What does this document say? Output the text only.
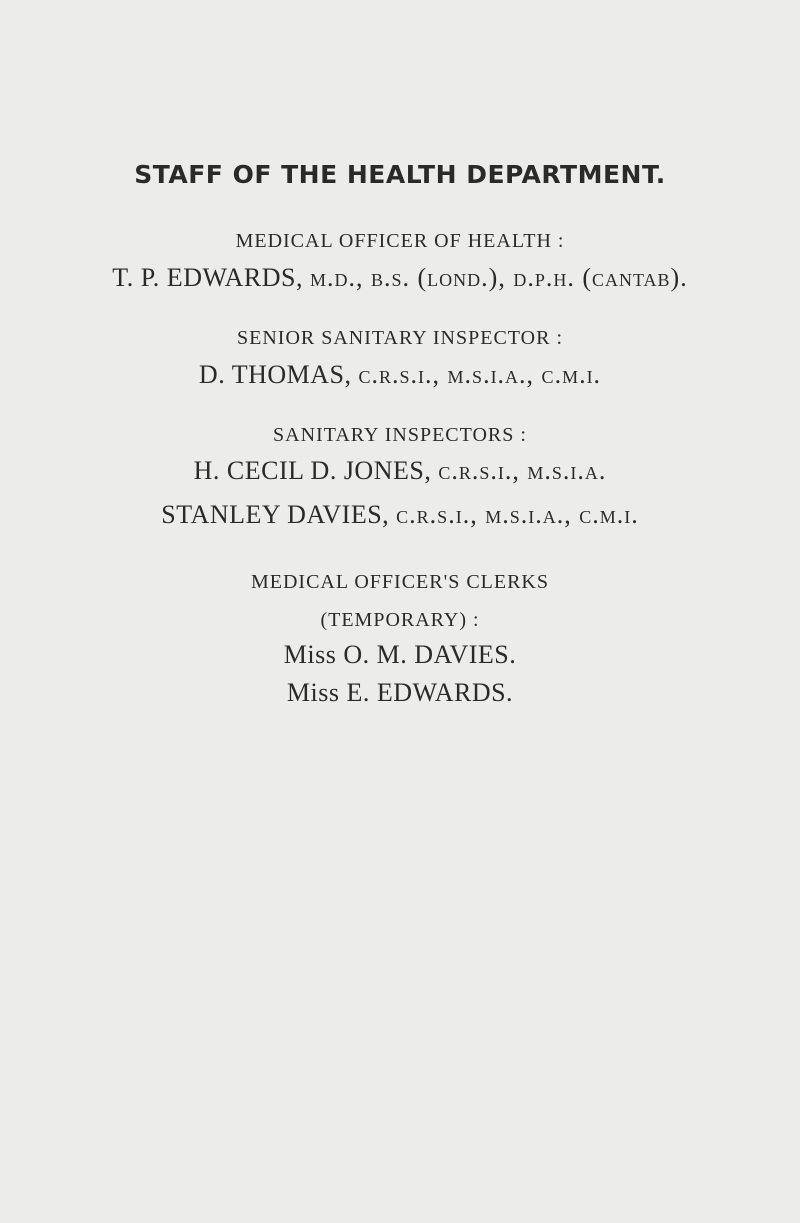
STAFF OF THE HEALTH DEPARTMENT.
MEDICAL OFFICER OF HEALTH :
T. P. EDWARDS, m.d., b.s. (lond.), d.p.h. (cantab).
SENIOR SANITARY INSPECTOR :
D. THOMAS, c.r.s.i., m.s.i.a., c.m.i.
SANITARY INSPECTORS :
H. CECIL D. JONES, c.r.s.i., m.s.i.a.
STANLEY DAVIES, c.r.s.i., m.s.i.a., c.m.i.
MEDICAL OFFICER'S CLERKS
(TEMPORARY) :
Miss O. M. DAVIES.
Miss E. EDWARDS.
